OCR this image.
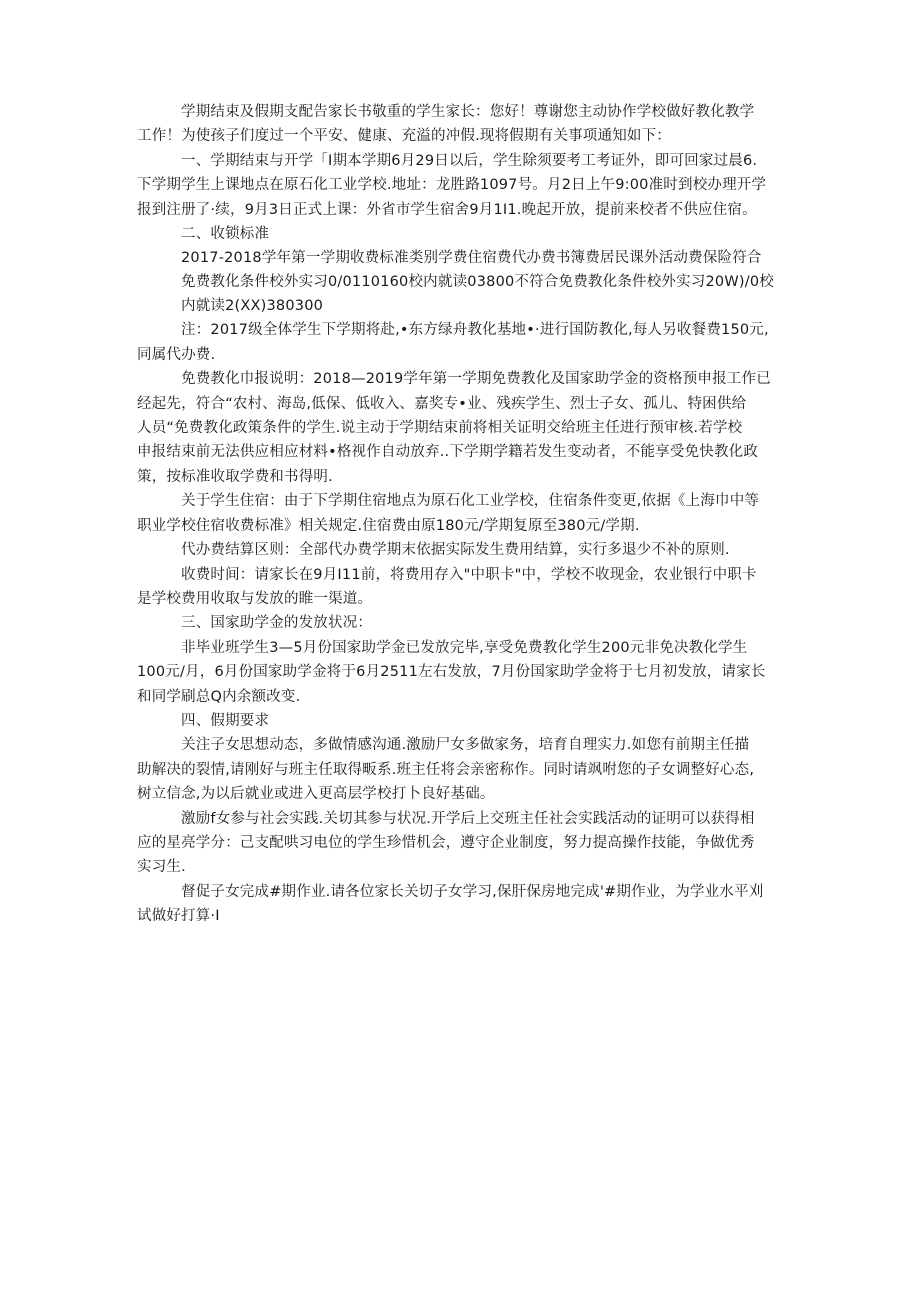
学期结束及假期支配告家长书敬重的学生家长：您好！尊谢您主动协作学校做好教化教学

工作！为使孩子们度过一个平安、健康、充溢的冲假.现将假期有关事项通知如下：

一、学期结束与开学「I期本学期6月29日以后，学生除须要考工考证外，即可回家过晨6.

下学期学生上课地点在原石化工业学校.地址：龙胜路1097号。月2日上午9:00准时到校办理开学

报到注册了·续，9月3日正式上课：外省市学生宿舍9月1I1.晚起开放，提前来校者不供应住宿。

二、收锁标准

2017-2018学年第一学期收费标准类别学费住宿费代办费书簿费居民课外活动费保险符合

免费教化条件校外实习0/0110160校内就读03800不符合免费教化条件校外实习20W)/0校

内就读2(XX)380300

注：2017级全体学生下学期将赴,•东方绿舟教化基地•·进行国防教化,每人另收餐费150元,

同属代办费.

免费教化巾报说明：2018—2019学年第一学期免费教化及国家助学金的资格预申报工作已

经起先，符合“农村、海岛,低保、低收入、嘉奖专•业、残疾学生、烈士子女、孤儿、特困供给

人员“免费教化政策条件的学生.说主动于学期结束前将相关证明交给班主任进行预审核.若学校

申报结束前无法供应相应材料•格视作自动放弃..下学期学籍若发生变动者，不能享受免快教化政

策，按标准收取学费和书得明.

关于学生住宿：由于下学期住宿地点为原石化工业学校，住宿条件变更,依据《上海巾中等

职业学校住宿收费标准》相关规定.住宿费由原180元/学期复原至380元/学期.

代办费结算区则：全部代办费学期末依据实际发生费用结算，实行多退少不补的原则.

收费时间：请家长在9月I11前，将费用存入"中职卡"中，学校不收现金，农业银行中职卡

是学校费用收取与发放的睢一渠道。

三、国家助学金的发放状况：

非毕业班学生3—5月份国家助学金已发放完毕,享受免费教化学生200元非免决教化学生

100元/月，6月份国家助学金将于6月2511左右发放，7月份国家助学金将于七月初发放，请家长

和同学刷总Q内余额改变.

四、假期要求

关注子女思想动态，多做情感沟通.激励尸女多做家务，培育自理实力.如您有前期主任描

助解决的裂情,请刚好与班主任取得畈系.班主任将会亲密称作。同时请飒咐您的子女调整好心态,

树立信念,为以后就业或进入更高层学校打卜良好基础。

激励f女参与社会实践.关切其参与状况.开学后上交班主任社会实践活动的证明可以获得相

应的星亮学分：己支配哄习电位的学生珍惜机会，遵守企业制度，努力提高操作技能，争做优秀

实习生.

督促子女完成#期作业.请各位家长关切子女学习,保肝保房地完成'#期作业，为学业水平刈

试做好打算·I
